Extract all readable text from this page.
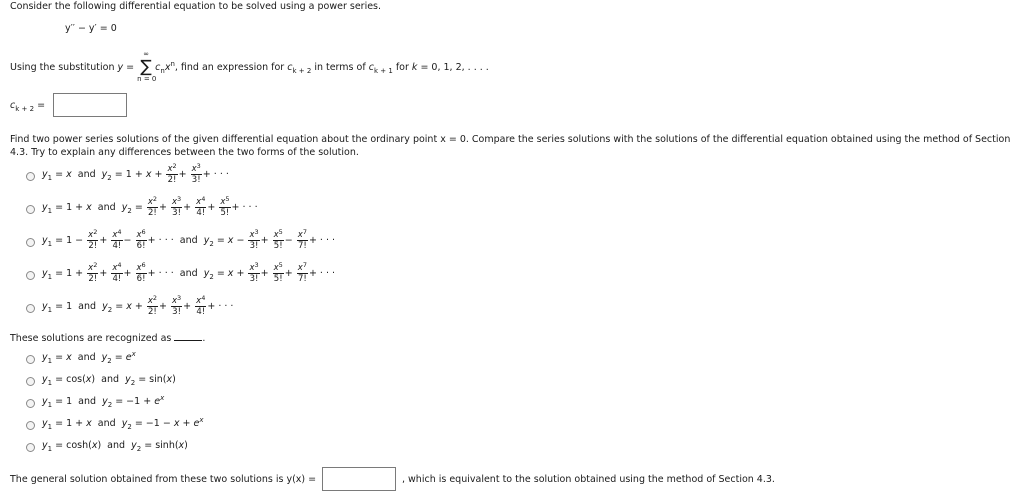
Consider the following differential equation to be solved using a power series.
y′′ − y′ = 0
Using the substitution y =
∞
∑
n = 0
$c_nx^n$, find an expression for $c_{k + 2}$ in terms of $c_{k + 1}$ for k = 0, 1, 2, . . . .
$c_{k + 2}$ =
Find two power series solutions of the given differential equation about the ordinary point x = 0. Compare the series solutions with the solutions of the differential equation obtained using the method of Section
4.3. Try to explain any differences between the two forms of the solution.
$y_1 = x$  and  $y_2 = 1 + x + \frac{x^2}{2!} + \frac{x^3}{3!}$ + · · ·
$y_1 = 1 + x$  and  $y_2 = \frac{x^2}{2!} + \frac{x^3}{3!} + \frac{x^4}{4!} + \frac{x^5}{5!}$ + · · ·
$y_1 = 1 - \frac{x^2}{2!} + \frac{x^4}{4!} - \frac{x^6}{6!}$ + · · ·  and  $y_2 = x - \frac{x^3}{3!} + \frac{x^5}{5!} - \frac{x^7}{7!}$ + · · ·
$y_1 = 1 + \frac{x^2}{2!} + \frac{x^4}{4!} + \frac{x^6}{6!}$ + · · ·  and  $y_2 = x + \frac{x^3}{3!} + \frac{x^5}{5!} + \frac{x^7}{7!}$ + · · ·
$y_1 = 1$  and  $y_2 = x + \frac{x^2}{2!} + \frac{x^3}{3!} + \frac{x^4}{4!}$ + · · ·
These solutions are recognized as	.
$y_1 = x$  and  $y_2 = e^x$
$y_1 = \cos(x)$  and  $y_2 = \sin(x)$
$y_1 = 1$  and  $y_2 = -1 + e^x$
$y_1 = 1 + x$  and  $y_2 = -1 - x + e^x$
$y_1 = \cosh(x)$  and  $y_2 = \sinh(x)$
The general solution obtained from these two solutions is y(x) =	, which is equivalent to the solution obtained using the method of Section 4.3.
